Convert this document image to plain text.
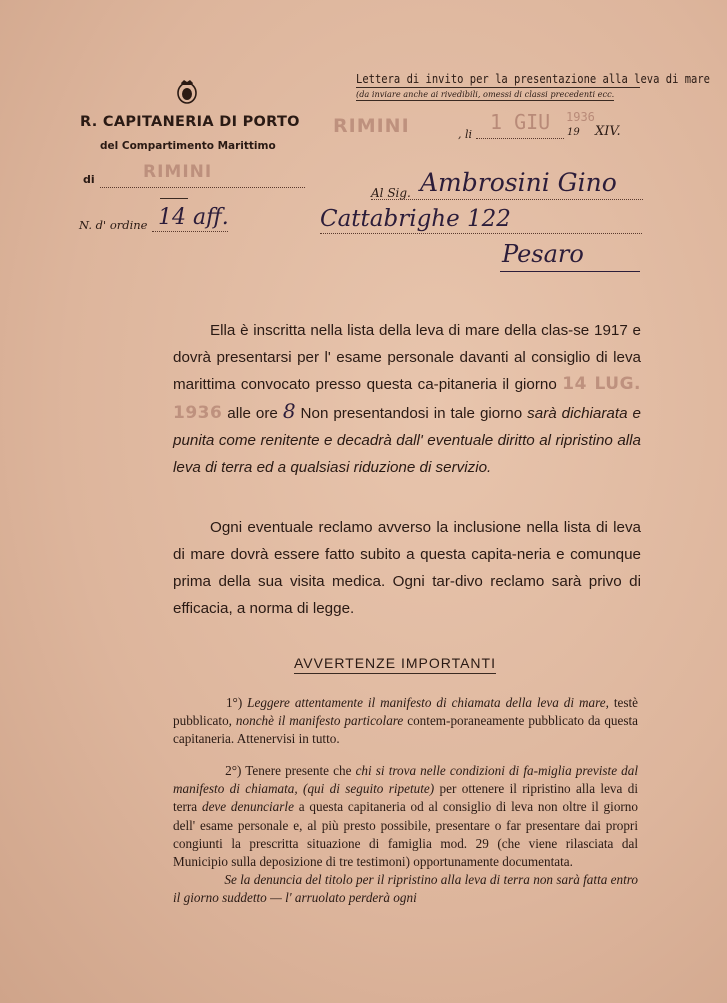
R. CAPITANERIA DI PORTO
del Compartimento Marittimo
di	RIMINI
Lettera di invito per la presentazione alla leva di mare
(da inviare anche ai rivedibili, omessi di classi precedenti ecc.
RIMINI	, li
1 GIU 1936
19 XIV.
Al Sig. Ambrosini Gino
Cattabrighe 122
Pesaro
N. d' ordine 14 aff.
Ella è inscritta nella lista della leva di mare della clas-se 1917 e dovrà presentarsi per l' esame personale davanti al consiglio di leva marittima convocato presso questa ca-pitaneria il giorno 14 LUG. 1936 alle ore 8 Non presentandosi in tale giorno sarà dichiarata e punita come renitente e decadrà dall' eventuale diritto al ripristino alla leva di terra ed a qualsiasi riduzione di servizio.
Ogni eventuale reclamo avverso la inclusione nella lista di leva di mare dovrà essere fatto subito a questa capita-neria e comunque prima della sua visita medica. Ogni tar-divo reclamo sarà privo di efficacia, a norma di legge.
AVVERTENZE IMPORTANTI
1°) Leggere attentamente il manifesto di chiamata della leva di mare, testè pubblicato, nonchè il manifesto particolare contem-poraneamente pubblicato da questa capitaneria. Attenervisi in tutto.
2°) Tenere presente che chi si trova nelle condizioni di fa-miglia previste dal manifesto di chiamata, (qui di seguito ripetute) per ottenere il ripristino alla leva di terra deve denunciarle a questa capitaneria od al consiglio di leva non oltre il giorno dell' esame personale e, al più presto possibile, presentare o far presentare dai propri congiunti la prescritta situazione di famiglia mod. 29 (che viene rilasciata dal Municipio sulla deposizione di tre testimoni) opportunamente documentata.
Se la denuncia del titolo per il ripristino alla leva di terra non sarà fatta entro il giorno suddetto — l' arruolato perderà ogni
